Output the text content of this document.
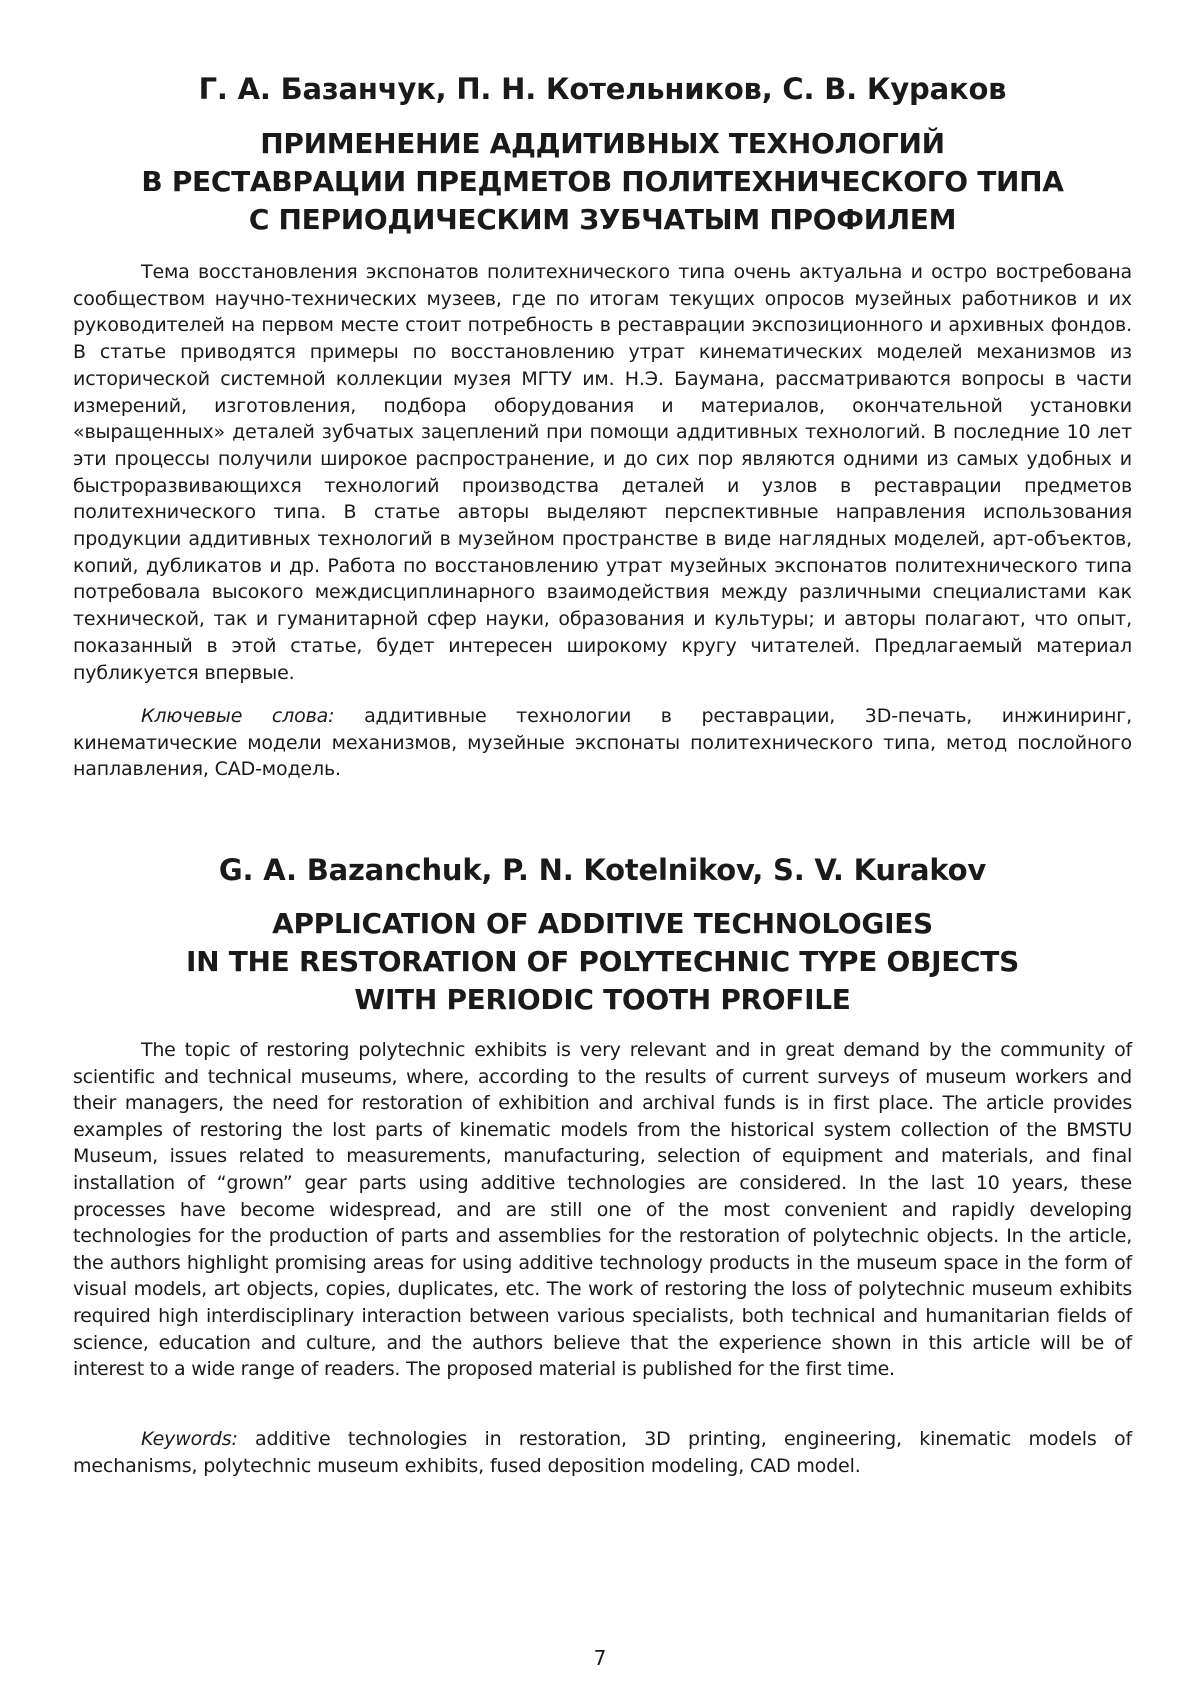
Г. А. Базанчук, П. Н. Котельников, С. В. Кураков
ПРИМЕНЕНИЕ АДДИТИВНЫХ ТЕХНОЛОГИЙ
В РЕСТАВРАЦИИ ПРЕДМЕТОВ ПОЛИТЕХНИЧЕСКОГО ТИПА
С ПЕРИОДИЧЕСКИМ ЗУБЧАТЫМ ПРОФИЛЕМ

Тема восстановления экспонатов политехнического типа очень актуальна и остро востребована сообществом научно-технических музеев, где по итогам текущих опросов музейных работников и их руководителей на первом месте стоит потребность в реставрации экспозиционного и архивных фондов. В статье приводятся примеры по восстановлению утрат кинематических моделей механизмов из исторической системной коллекции музея МГТУ им. Н.Э. Баумана, рассматриваются вопросы в части измерений, изготовления, подбора оборудования и материалов, окончательной установки «выращенных» деталей зубчатых зацеплений при помощи аддитивных технологий. В последние 10 лет эти процессы получили широкое распространение, и до сих пор являются одними из самых удобных и быстроразвивающихся технологий производства деталей и узлов в реставрации предметов политехнического типа. В статье авторы выделяют перспективные направления использования продукции аддитивных технологий в музейном пространстве в виде наглядных моделей, арт-объектов, копий, дубликатов и др. Работа по восстановлению утрат музейных экспонатов политехнического типа потребовала высокого междисциплинарного взаимодействия между различными специалистами как технической, так и гуманитарной сфер науки, образования и культуры; и авторы полагают, что опыт, показанный в этой статье, будет интересен широкому кругу читателей. Предлагаемый материал публикуется впервые.

Ключевые слова: аддитивные технологии в реставрации, 3D-печать, инжиниринг, кинематические модели механизмов, музейные экспонаты политехнического типа, метод послойного наплавления, CAD-модель.

G. A. Bazanchuk, P. N. Kotelnikov, S. V. Kurakov
APPLICATION OF ADDITIVE TECHNOLOGIES
IN THE RESTORATION OF POLYTECHNIC TYPE OBJECTS
WITH PERIODIC TOOTH PROFILE

The topic of restoring polytechnic exhibits is very relevant and in great demand by the community of scientific and technical museums, where, according to the results of current surveys of museum workers and their managers, the need for restoration of exhibition and archival funds is in first place. The article provides examples of restoring the lost parts of kinematic models from the historical system collection of the BMSTU Museum, issues related to measurements, manufacturing, selection of equipment and materials, and final installation of “grown” gear parts using additive technologies are considered. In the last 10 years, these processes have become widespread, and are still one of the most convenient and rapidly developing technologies for the production of parts and assemblies for the restoration of polytechnic objects. In the article, the authors highlight promising areas for using additive technology products in the museum space in the form of visual models, art objects, copies, duplicates, etc. The work of restoring the loss of polytechnic museum exhibits required high interdisciplinary interaction between various specialists, both technical and humanitarian fields of science, education and culture, and the authors believe that the experience shown in this article will be of interest to a wide range of readers. The proposed material is published for the first time.

Keywords: additive technologies in restoration, 3D printing, engineering, kinematic models of mechanisms, polytechnic museum exhibits, fused deposition modeling, CAD model.

7
